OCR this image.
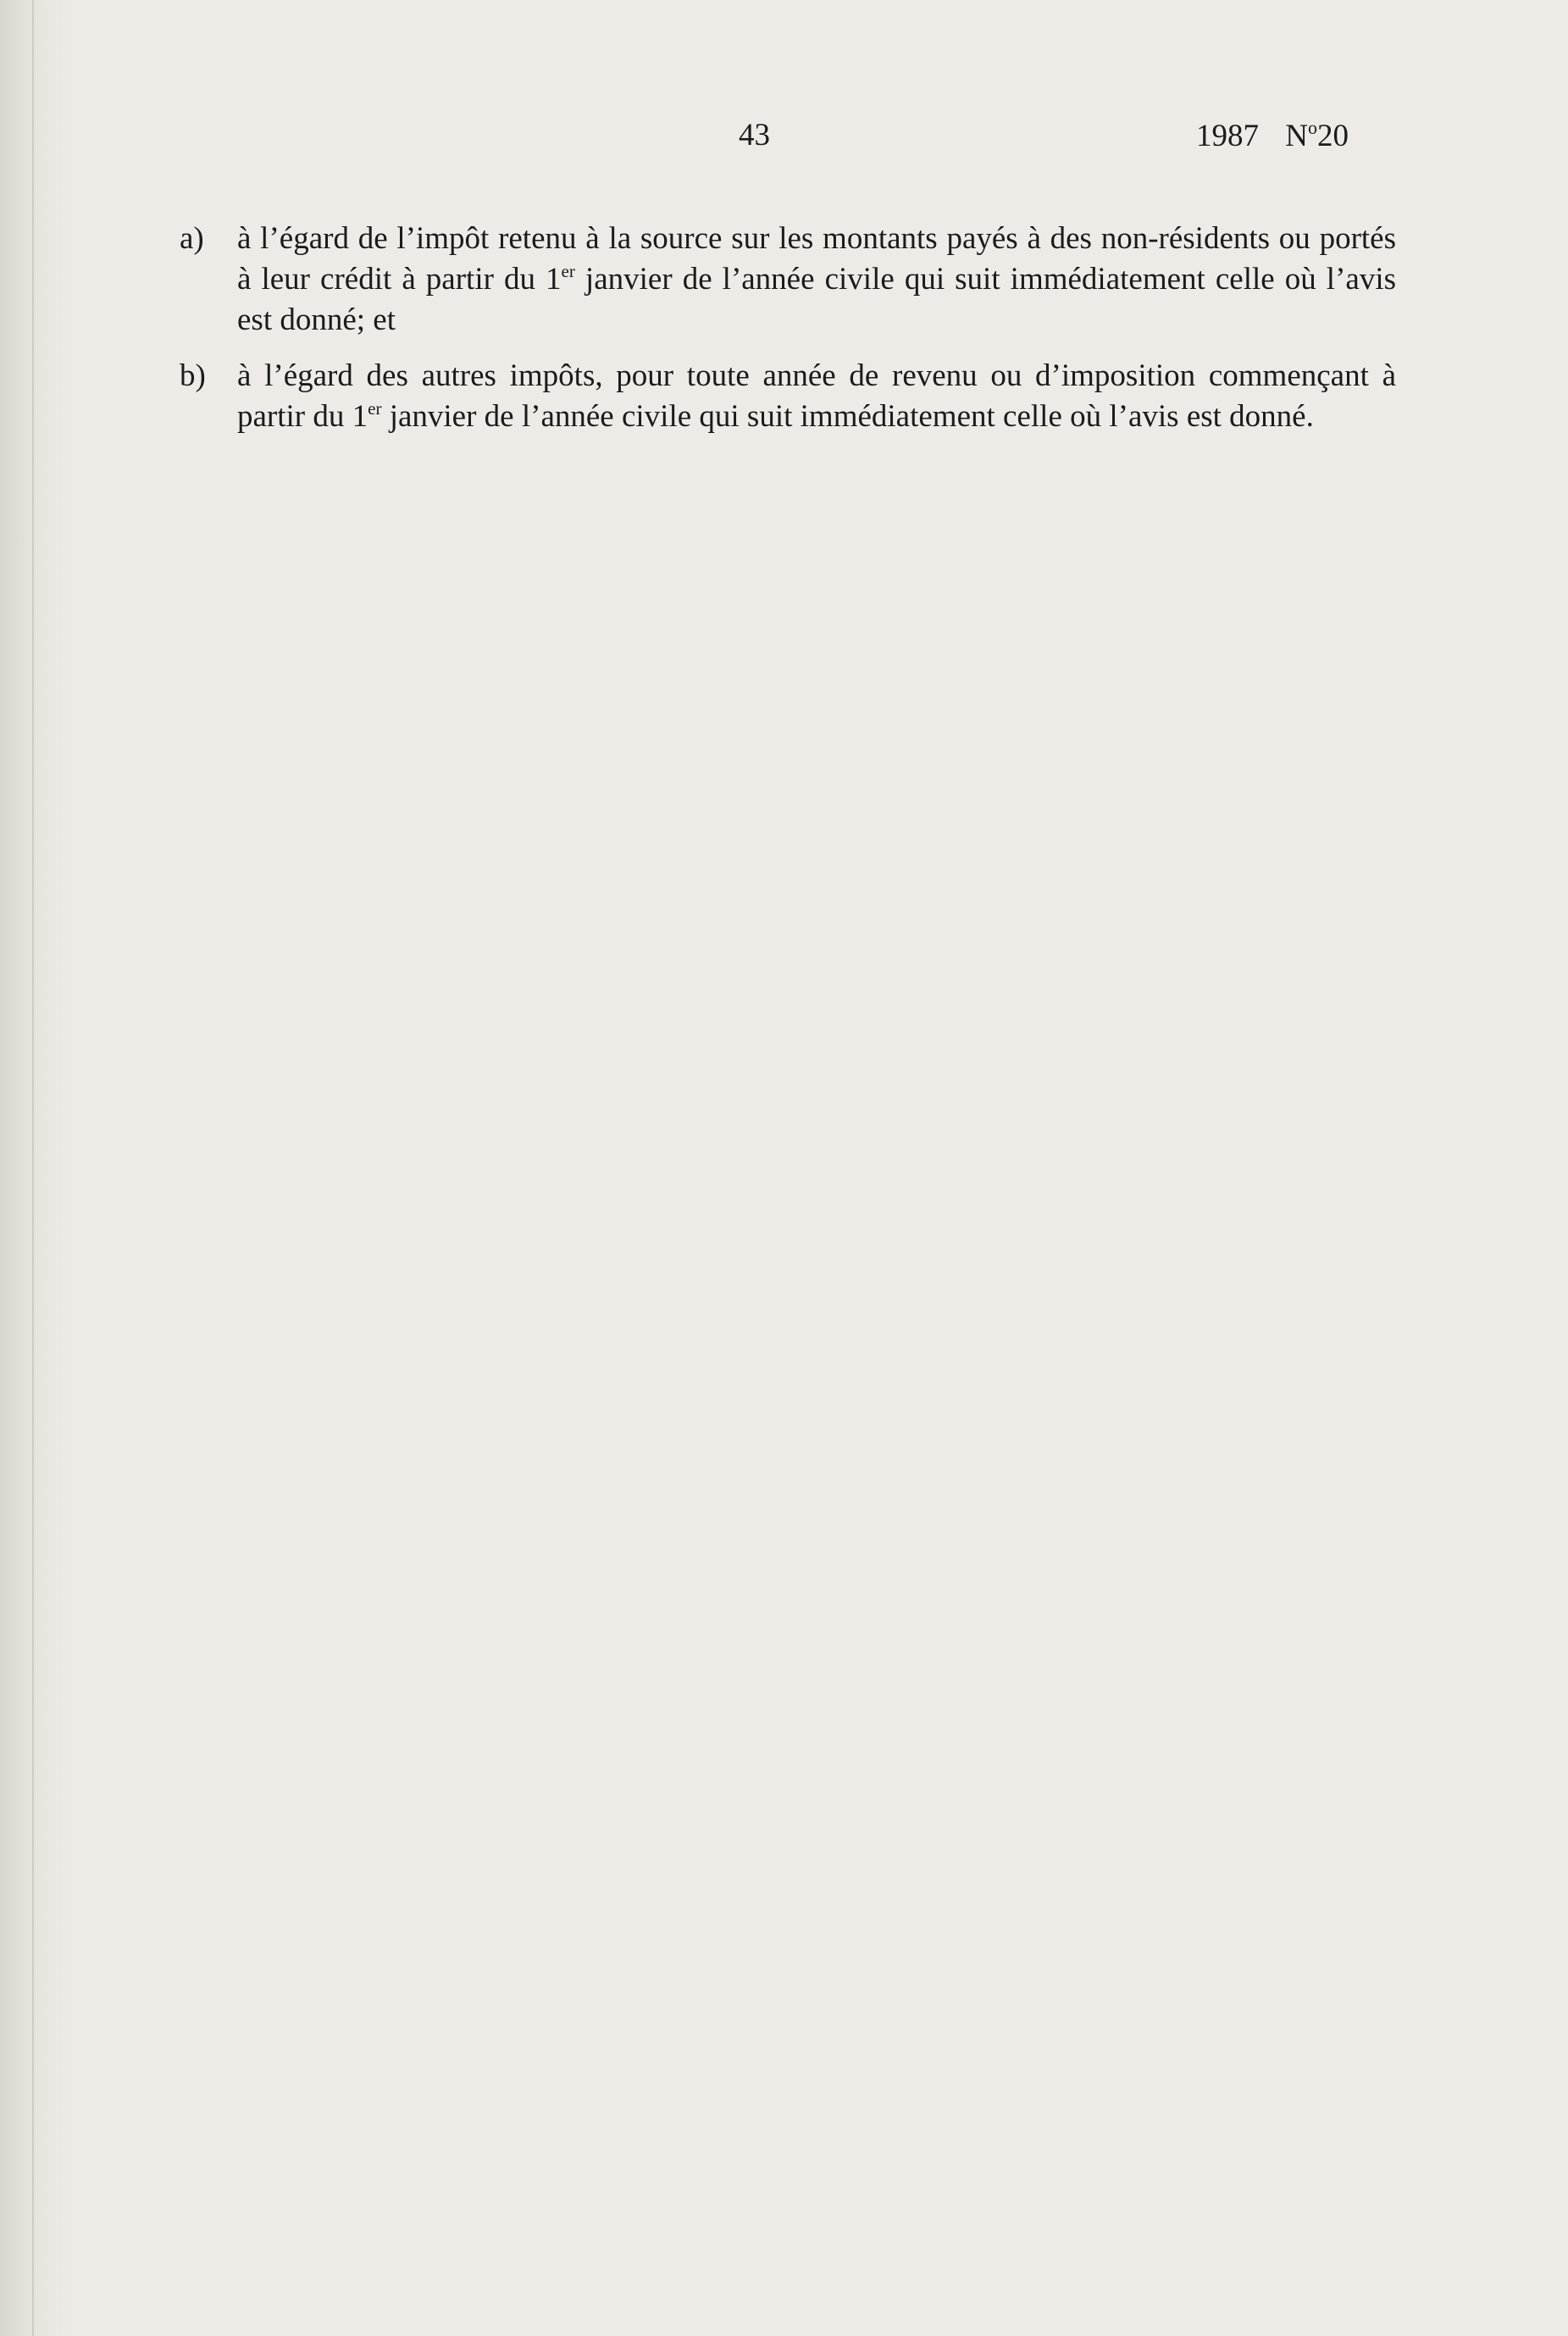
43	1987 $N^o20$
a)	à l’égard de l’impôt retenu à la source sur les montants payés à des non-résidents ou portés à leur crédit à partir du 1er janvier de l’année civile qui suit immédiatement celle où l’avis est donné; et
b)	à l’égard des autres impôts, pour toute année de revenu ou d’imposition commençant à partir du 1er janvier de l’année civile qui suit immédiatement celle où l’avis est donné.
